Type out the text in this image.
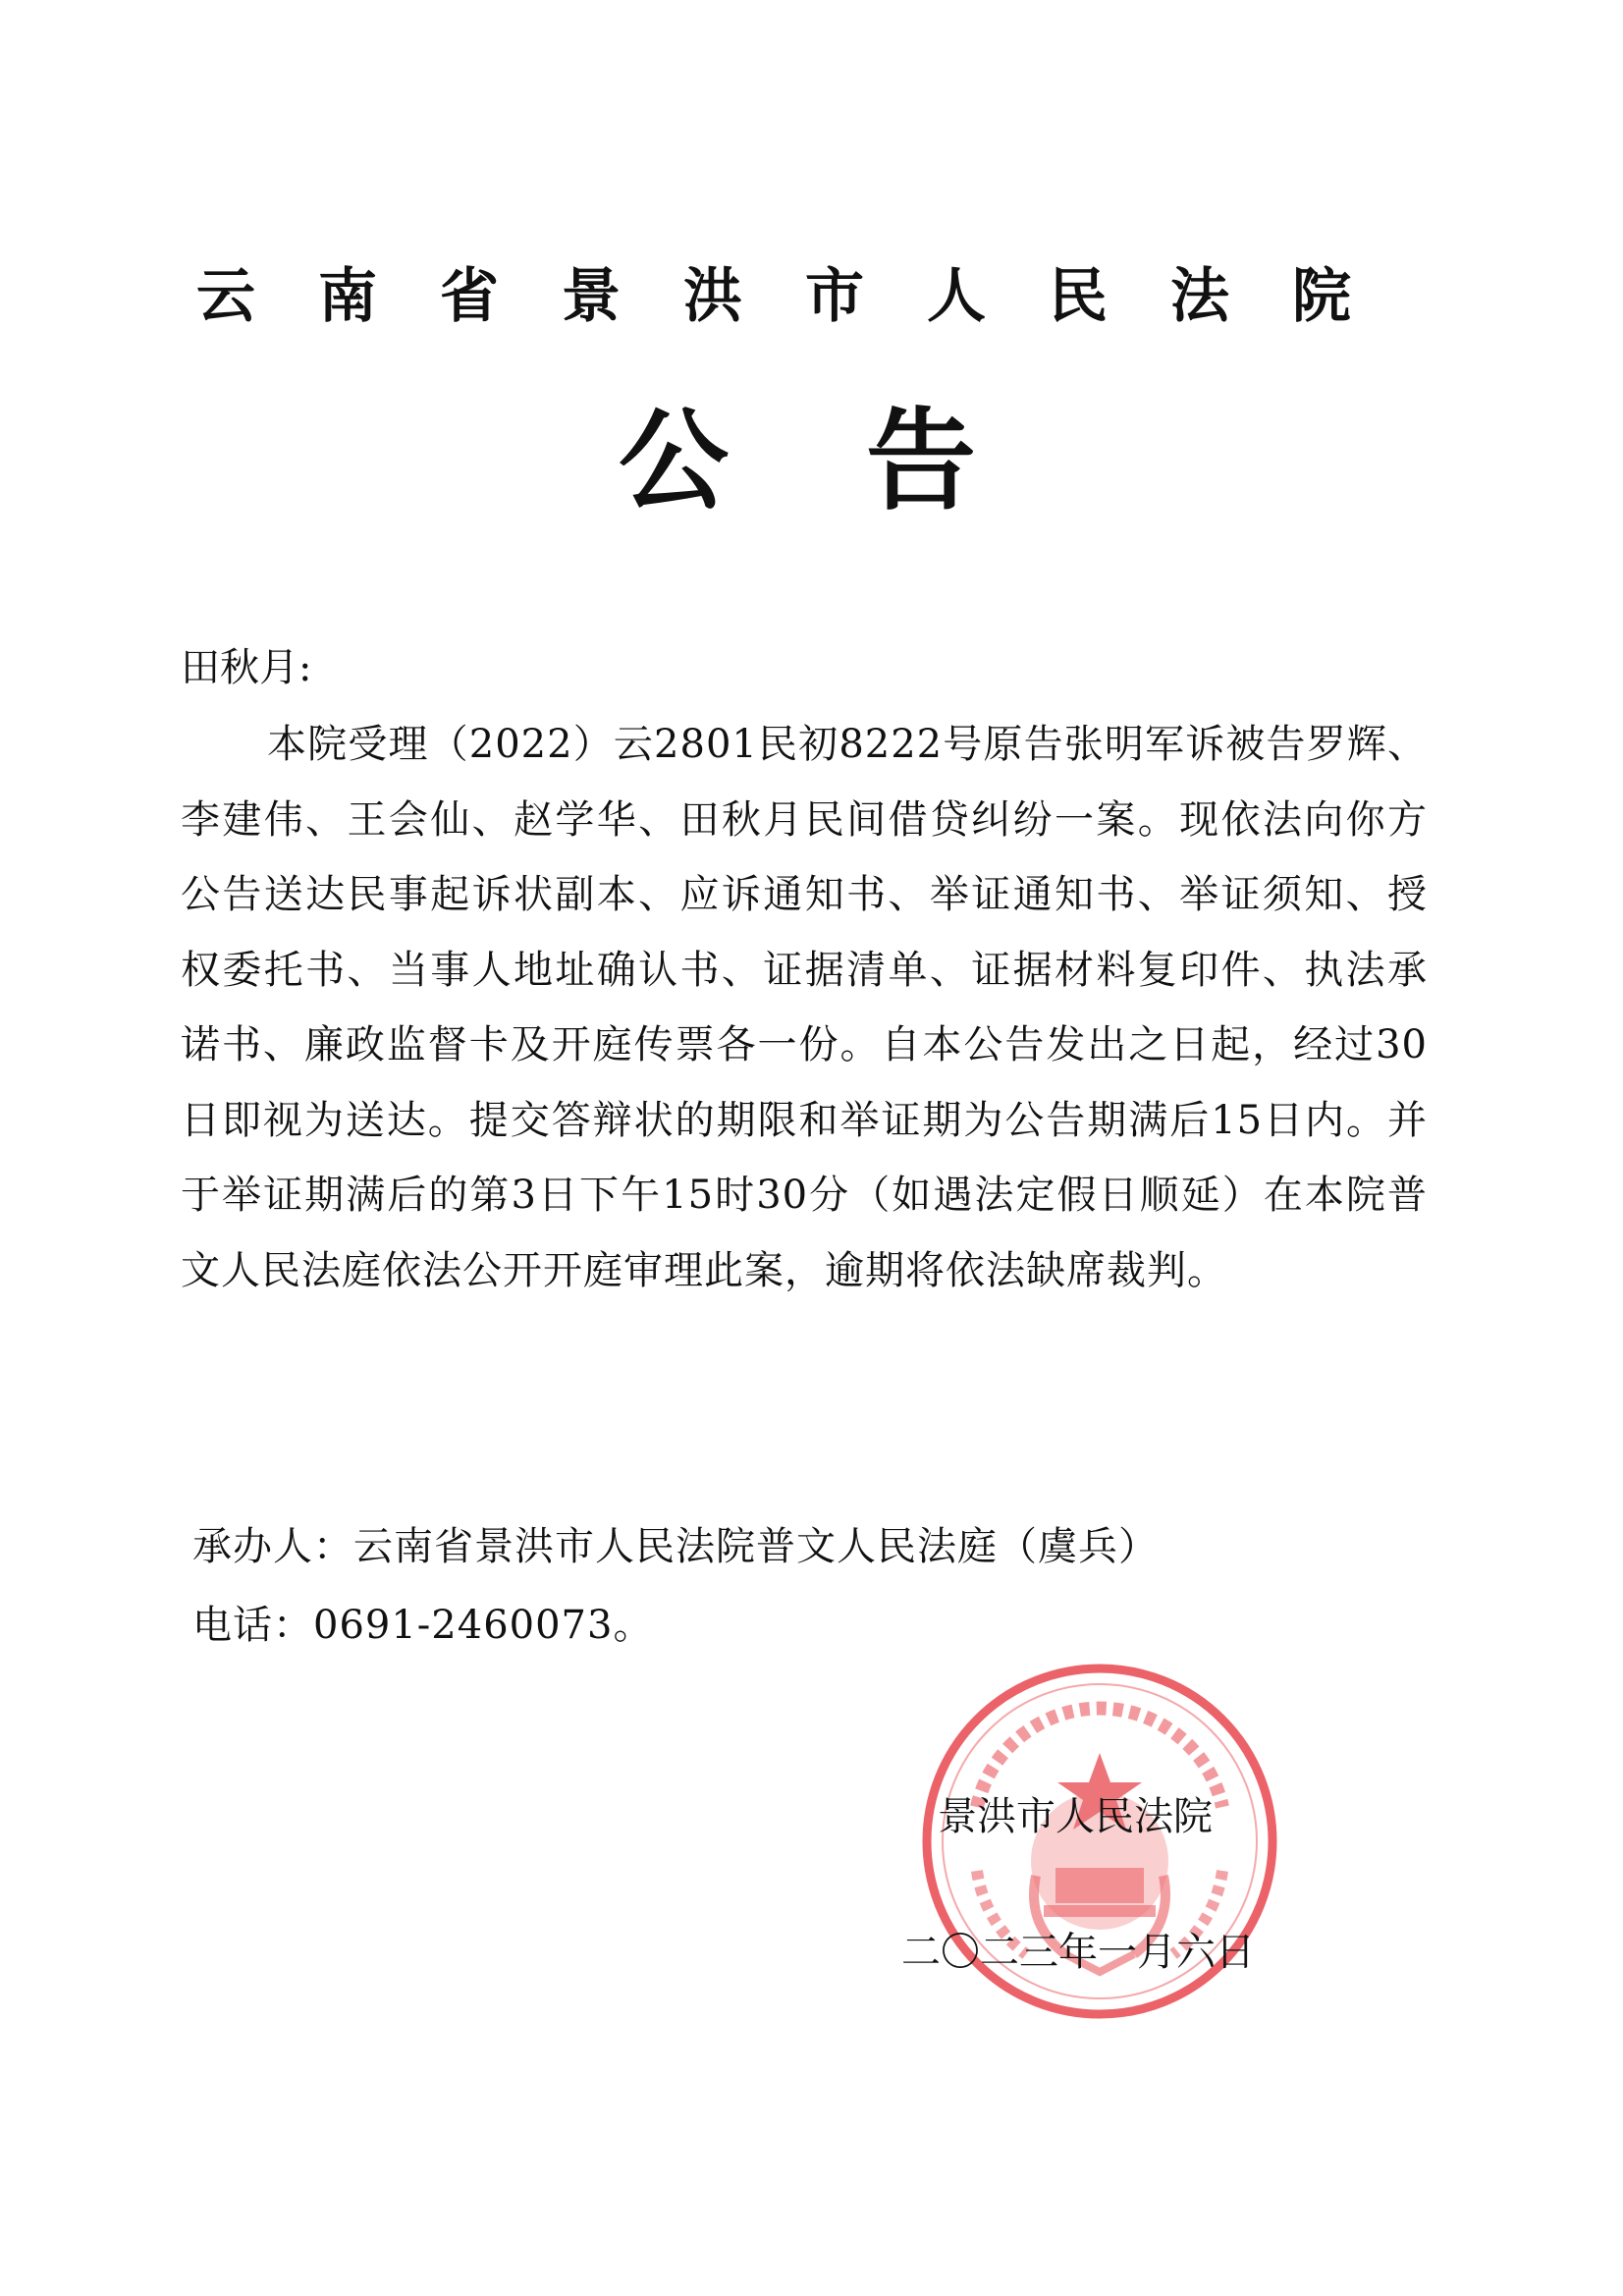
云南省景洪市人民法院
公告
田秋月:

本院受理（2022）云2801民初8222号原告张明军诉被告罗辉、李建伟、王会仙、赵学华、田秋月民间借贷纠纷一案。现依法向你方公告送达民事起诉状副本、应诉通知书、举证通知书、举证须知、授权委托书、当事人地址确认书、证据清单、证据材料复印件、执法承诺书、廉政监督卡及开庭传票各一份。自本公告发出之日起，经过30日即视为送达。提交答辩状的期限和举证期为公告期满后15日内。并于举证期满后的第3日下午15时30分（如遇法定假日顺延）在本院普文人民法庭依法公开开庭审理此案，逾期将依法缺席裁判。

承办人：云南省景洪市人民法院普文人民法庭（虞兵）
电话：0691-2460073。
景洪市人民法院
二〇二三年一月六日
